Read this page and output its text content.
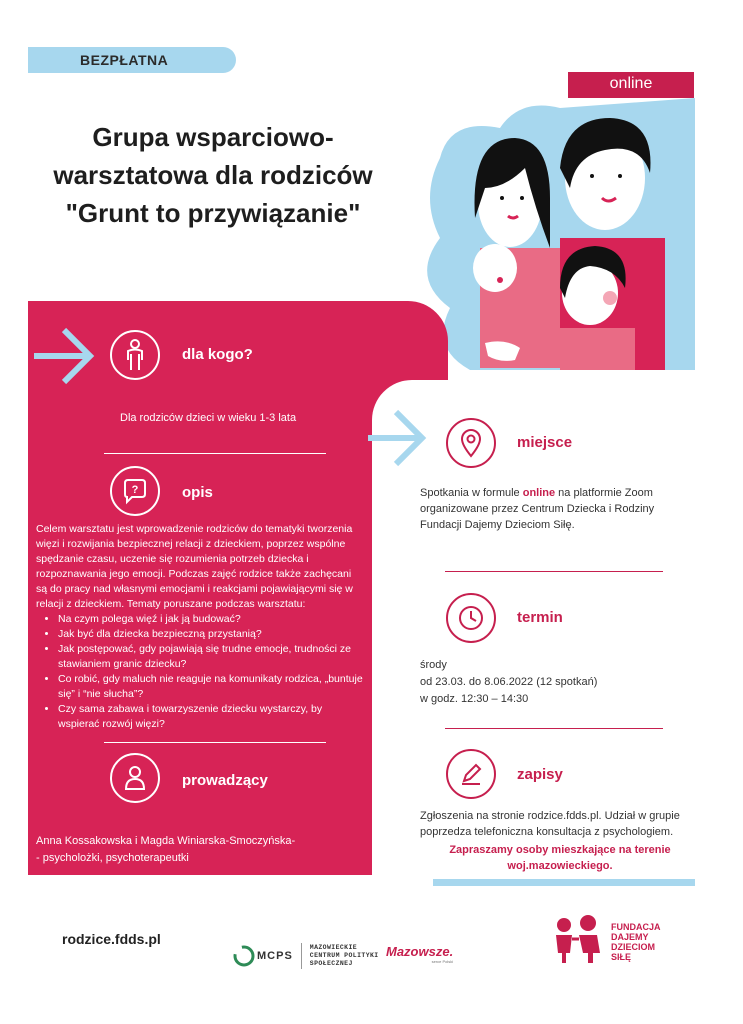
BEZPŁATNA
Grupa wsparciowo-
warsztatowa dla rodziców
"Grunt to przywiązanie"
online
dla kogo?
Dla rodziców dzieci w wieku 1-3 lata
?	opis
Celem warsztatu jest wprowadzenie rodziców do tematyki tworzenia więzi i rozwijania bezpiecznej relacji z dzieckiem, poprzez wspólne spędzanie czasu, uczenie się rozumienia potrzeb dziecka i rozpoznawania jego emocji. Podczas zajęć rodzice także zachęcani są do pracy nad własnymi emocjami i reakcjami pojawiającymi się w relacji z dzieckiem. Tematy poruszane podczas warsztatu:
• Na czym polega więź i jak ją budować?
• Jak być dla dziecka bezpieczną przystanią?
• Jak postępować, gdy pojawiają się trudne emocje, trudności ze stawianiem granic dziecku?
• Co robić, gdy maluch nie reaguje na komunikaty rodzica, „buntuje się” i “nie słucha”?
• Czy sama zabawa i towarzyszenie dziecku wystarczy, by wspierać rozwój więzi?
prowadzący
Anna Kossakowska i Magda Winiarska-Smoczyńska-
- psycholożki, psychoterapeutki
miejsce
Spotkania w formule online na platformie Zoom organizowane przez Centrum Dziecka i Rodziny Fundacji Dajemy Dzieciom Siłę.
termin
środy
od 23.03. do 8.06.2022 (12 spotkań)
w godz. 12:30 – 14:30
zapisy
Zgłoszenia na stronie rodzice.fdds.pl. Udział w grupie poprzedza telefoniczna konsultacja z psychologiem.
Zapraszamy osoby mieszkające na terenie
woj.mazowieckiego.
rodzice.fdds.pl
MCPS
MAZOWIECKIE
CENTRUM POLITYKI
SPOŁECZNEJ
Mazowsze.
serce Polski
FUNDACJA
DAJEMY
DZIECIOM
SIŁĘ
